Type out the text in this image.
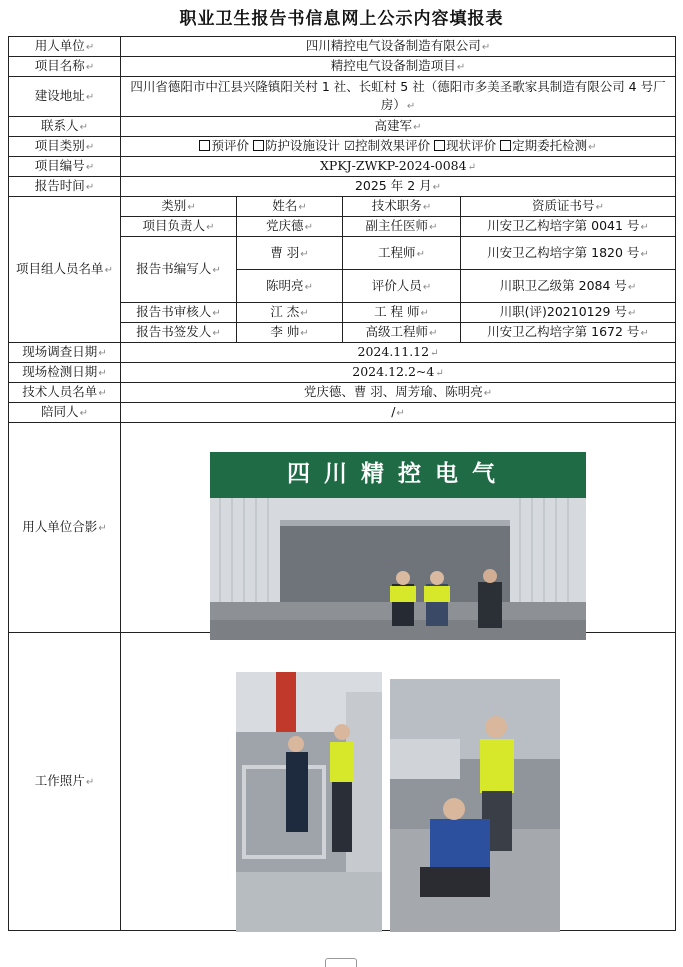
职业卫生报告书信息网上公示内容填报表
用人单位↵	四川精控电气设备制造有限公司↵
项目名称↵	精控电气设备制造项目↵
建设地址↵	四川省德阳市中江县兴隆镇阳关村 1 社、长虹村 5 社（德阳市多美圣歌家具制造有限公司 4 号厂房）↵
联系人↵	高建军↵
项目类别↵	预评价 防护设施设计 ☑控制效果评价 现状评价 定期委托检测↵
项目编号↵	XPKJ-ZWKP-2024-0084↵
报告时间↵	2025 年 2 月↵
项目组人员名单↵	
类别↵	姓名↵	技术职务↵	资质证书号↵
项目负责人↵	党庆德↵	副主任医师↵	川安卫乙构培字第 0041 号↵
报告书编写人↵	曹 羽↵	工程师↵	川安卫乙构培字第 1820 号↵
陈明亮↵	评价人员↵	川职卫乙级第 2084 号↵
报告书审核人↵	江 杰↵	工 程 师↵	川职(评)20210129 号↵
报告书签发人↵	李 帅↵	高级工程师↵	川安卫乙构培字第 1672 号↵

现场调查日期↵	2024.11.12↵
现场检测日期↵	2024.12.2~4↵
技术人员名单↵	党庆德、曹 羽、周芳瑜、陈明亮↵
陪同人↵	/↵
用人单位合影↵	
工作照片↵	
四川精控电气
